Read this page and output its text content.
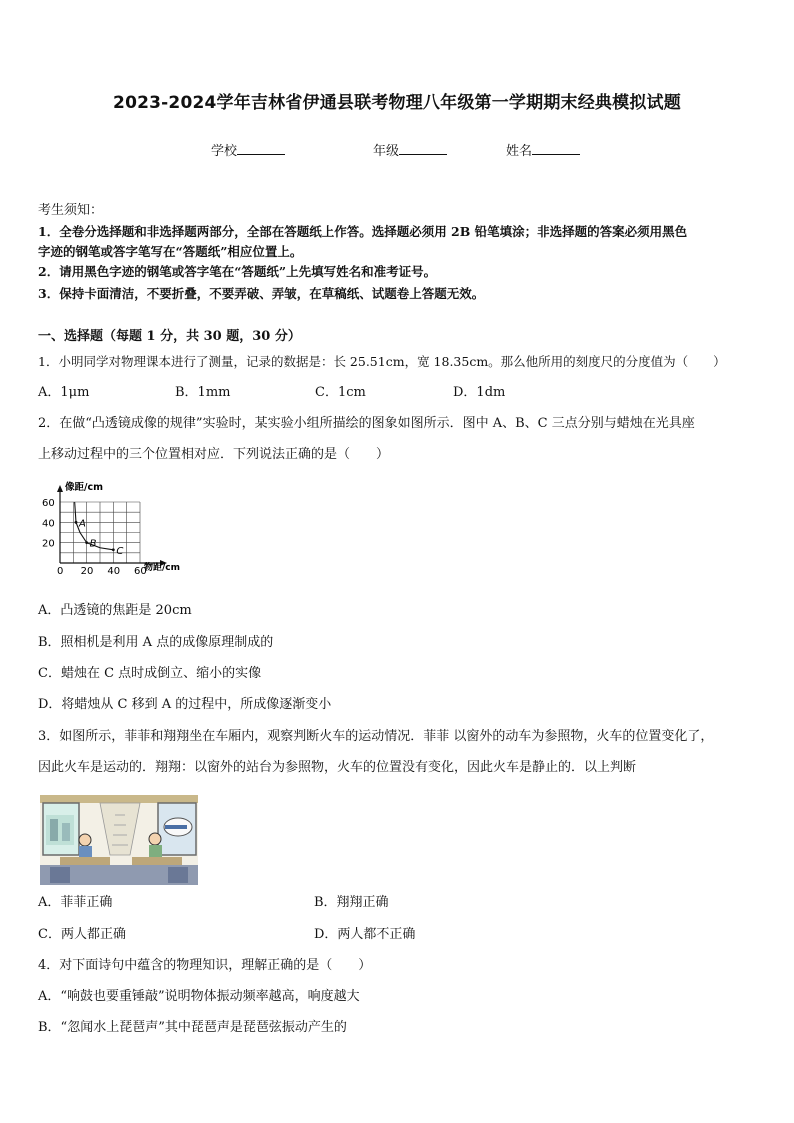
2023-2024学年吉林省伊通县联考物理八年级第一学期期末经典模拟试题
学校	年级	姓名
考生须知：
1．全卷分选择题和非选择题两部分，全部在答题纸上作答。选择题必须用 2B 铅笔填涂；非选择题的答案必须用黑色
字迹的钢笔或答字笔写在“答题纸”相应位置上。
2．请用黑色字迹的钢笔或答字笔在“答题纸”上先填写姓名和准考证号。
3．保持卡面清洁，不要折叠，不要弄破、弄皱，在草稿纸、试题卷上答题无效。
一、选择题（每题 1 分，共 30 题，30 分）
1．小明同学对物理课本进行了测量，记录的数据是：长 25.51cm，宽 18.35cm。那么他所用的刻度尺的分度值为（　　）
A．1μm	B．1mm	C．1cm	D．1dm
2．在做“凸透镜成像的规律”实验时，某实验小组所描绘的图象如图所示．图中 A、B、C 三点分别与蜡烛在光具座
上移动过程中的三个位置相对应．下列说法正确的是（　　）
像距/cm
物距/cm
0 20 40 60
20
40
60
A
B
C
A．凸透镜的焦距是 20cm
B．照相机是利用 A 点的成像原理制成的
C．蜡烛在 C 点时成倒立、缩小的实像
D．将蜡烛从 C 移到 A 的过程中，所成像逐渐变小
3．如图所示，菲菲和翔翔坐在车厢内，观察判断火车的运动情况．菲菲 以窗外的动车为参照物，火车的位置变化了，
因此火车是运动的．翔翔：以窗外的站台为参照物，火车的位置没有变化，因此火车是静止的．以上判断
A．菲菲正确	B．翔翔正确
C．两人都正确	D．两人都不正确
4．对下面诗句中蕴含的物理知识，理解正确的是（　　）
A．“响鼓也要重锤敲”说明物体振动频率越高，响度越大
B．“忽闻水上琵琶声”其中琵琶声是琵琶弦振动产生的
